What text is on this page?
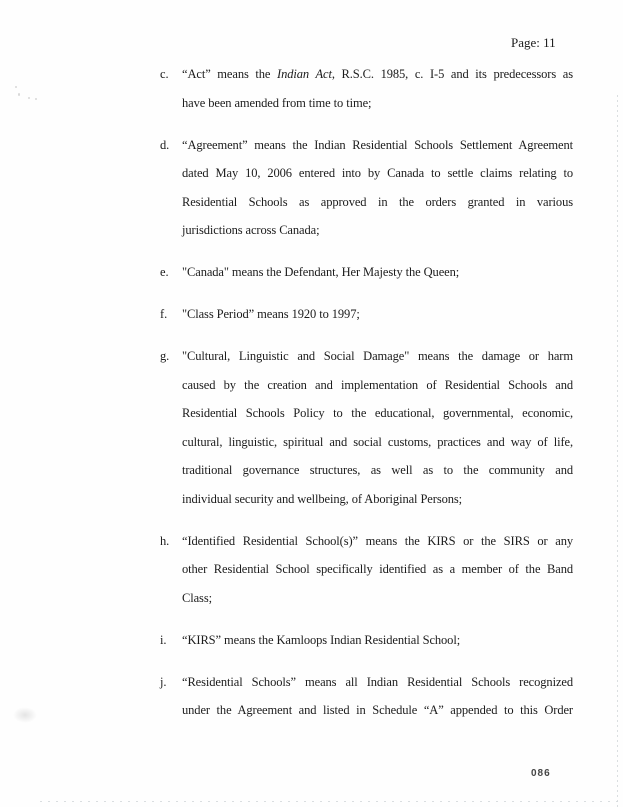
Page: 11
c. “Act” means the Indian Act, R.S.C. 1985, c. I-5 and its predecessors as
have been amended from time to time;
d. “Agreement” means the Indian Residential Schools Settlement Agreement
dated May 10, 2006 entered into by Canada to settle claims relating to
Residential Schools as approved in the orders granted in various
jurisdictions across Canada;
e. "Canada" means the Defendant, Her Majesty the Queen;
f. "Class Period” means 1920 to 1997;
g. "Cultural, Linguistic and Social Damage" means the damage or harm
caused by the creation and implementation of Residential Schools and
Residential Schools Policy to the educational, governmental, economic,
cultural, linguistic, spiritual and social customs, practices and way of life,
traditional governance structures, as well as to the community and
individual security and wellbeing, of Aboriginal Persons;
h. “Identified Residential School(s)” means the KIRS or the SIRS or any
other Residential School specifically identified as a member of the Band
Class;
i. “KIRS” means the Kamloops Indian Residential School;
j. “Residential Schools” means all Indian Residential Schools recognized
under the Agreement and listed in Schedule “A” appended to this Order
086
